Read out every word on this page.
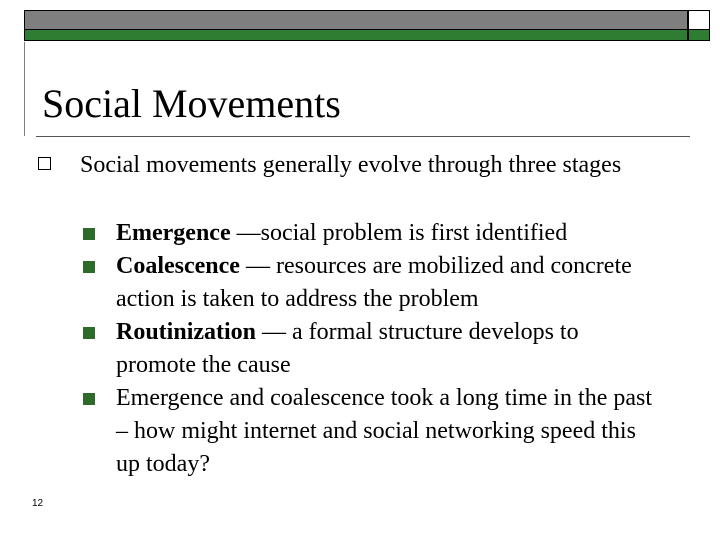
Social Movements
Social movements generally evolve through three stages
Emergence —social problem is first identified
Coalescence — resources are mobilized and concrete action is taken to address the problem
Routinization — a formal structure develops to promote the cause
Emergence and coalescence took a long time in the past – how might internet and social networking speed this up today?
12
